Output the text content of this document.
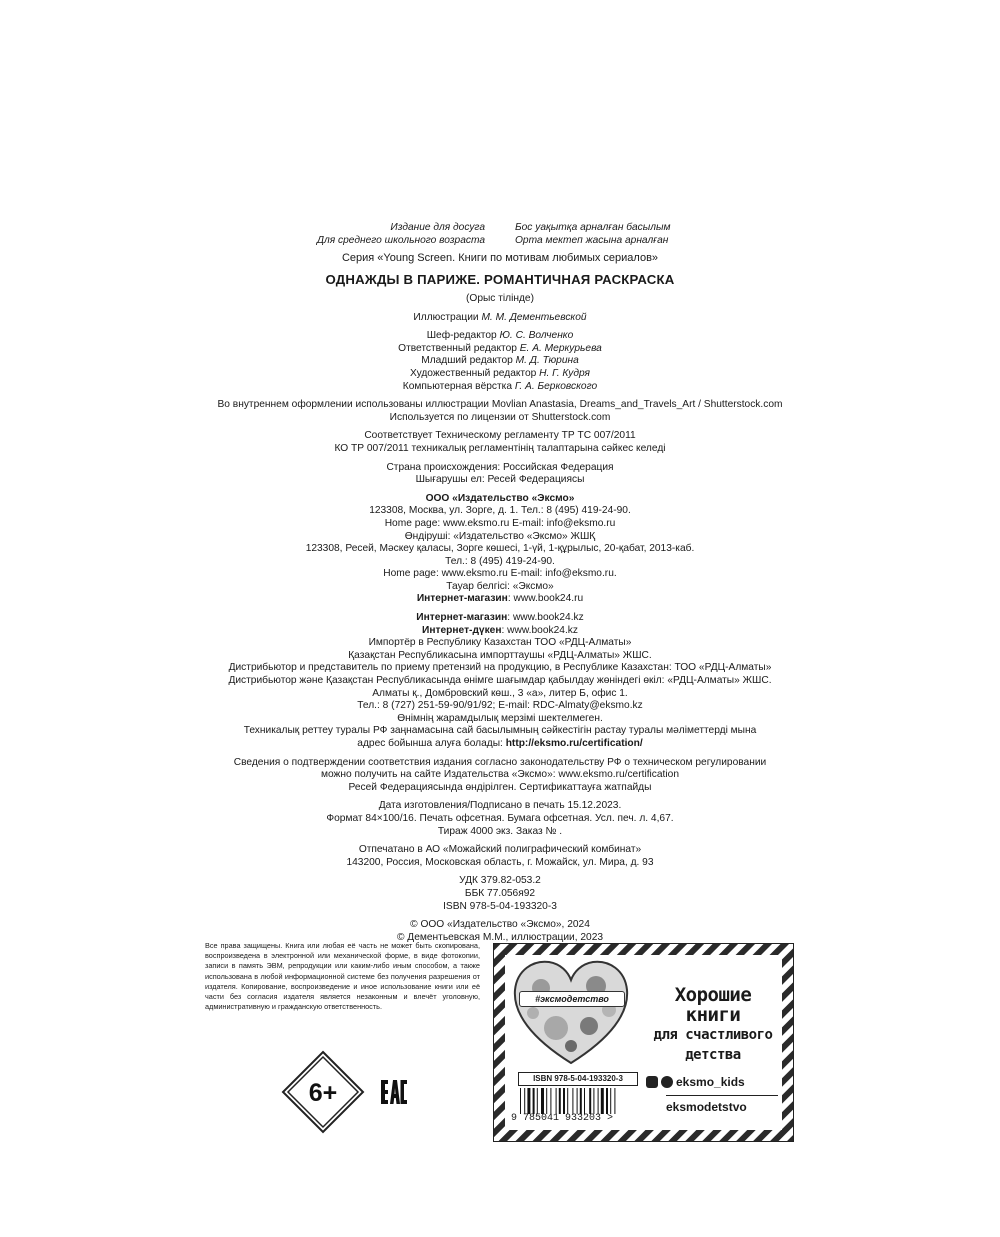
Издание для досуга
Для среднего школьного возраста
Бос уақытқа арналған басылым
Орта мектеп жасына арналған
Серия «Young Screen. Книги по мотивам любимых сериалов»
ОДНАЖДЫ В ПАРИЖЕ. РОМАНТИЧНАЯ РАСКРАСКА
(Орыс тілінде)
Иллюстрации М. М. Дементьевской
Шеф-редактор Ю. С. Волченко
Ответственный редактор Е. А. Меркурьева
Младший редактор М. Д. Тюрина
Художественный редактор Н. Г. Кудря
Компьютерная вёрстка Г. А. Берковского
Во внутреннем оформлении использованы иллюстрации Movlian Anastasia, Dreams_and_Travels_Art / Shutterstock.com
Используется по лицензии от Shutterstock.com
Соответствует Техническому регламенту ТР ТС 007/2011
КО ТР 007/2011 техникалық регламентінің талаптарына сәйкес келеді
Страна происхождения: Российская Федерация
Шығарушы ел: Ресей Федерациясы
ООО «Издательство «Эксмо»
123308, Москва, ул. Зорге, д. 1. Тел.: 8 (495) 419-24-90.
Home page: www.eksmo.ru E-mail: info@eksmo.ru
Өндіруші: «Издательство «Эксмо» ЖШҚ
123308, Ресей, Мәскеу қаласы, Зорге көшесі, 1-үй, 1-құрылыс, 20-қабат, 2013-каб.
Тел.: 8 (495) 419-24-90.
Home page: www.eksmo.ru E-mail: info@eksmo.ru.
Тауар белгісі: «Эксмо»
Интернет-магазин: www.book24.ru
Интернет-магазин: www.book24.kz
Интернет-дүкен: www.book24.kz
Импортёр в Республику Казахстан ТОО «РДЦ-Алматы»
Қазақстан Республикасына импорттаушы «РДЦ-Алматы» ЖШС.
Дистрибьютор и представитель по приему претензий на продукцию, в Республике Казахстан: ТОО «РДЦ-Алматы»
Дистрибьютор және Қазақстан Республикасында өнімге шағымдар қабылдау жөніндегі өкіл: «РДЦ-Алматы» ЖШС.
Алматы қ., Домбровский көш., 3 «а», литер Б, офис 1.
Тел.: 8 (727) 251-59-90/91/92; E-mail: RDC-Almaty@eksmo.kz
Өнімнің жарамдылық мерзімі шектелмеген.
Техникалық реттеу туралы РФ заңнамасына сай басылымның сәйкестігін растау туралы мәліметтерді мына
адрес бойынша алуға болады: http://eksmo.ru/certification/
Сведения о подтверждении соответствия издания согласно законодательству РФ о техническом регулировании
можно получить на сайте Издательства «Эксмо»: www.eksmo.ru/certification
Ресей Федерациясында өндірілген. Сертификаттауға жатпайды
Дата изготовления/Подписано в печать 15.12.2023.
Формат 84×100/16. Печать офсетная. Бумага офсетная. Усл. печ. л. 4,67.
Тираж 4000 экз. Заказ № .
Отпечатано в АО «Можайский полиграфический комбинат»
143200, Россия, Московская область, г. Можайск, ул. Мира, д. 93
УДК 379.82-053.2
ББК 77.056я92
ISBN 978-5-04-193320-3
© ООО «Издательство «Эксмо», 2024
© Дементьевская М.М., иллюстрации, 2023
Все права защищены. Книга или любая её часть не может быть скопирована, воспроизведена в электронной или механической форме, в виде фотокопии, записи в память ЭВМ, репродукции или каким-либо иным способом, а также использована в любой информационной системе без получения разрешения от издателя. Копирование, воспроизведение и иное использование книги или её части без согласия издателя является незаконным и влечёт уголовную, административную и гражданскую ответственность.
6+
#эксмодетство	Хорошие
книги
для счастливого
детства
ISBN 978-5-04-193320-3
9 785041 933203 >
eksmo_kids
eksmodetstvo
